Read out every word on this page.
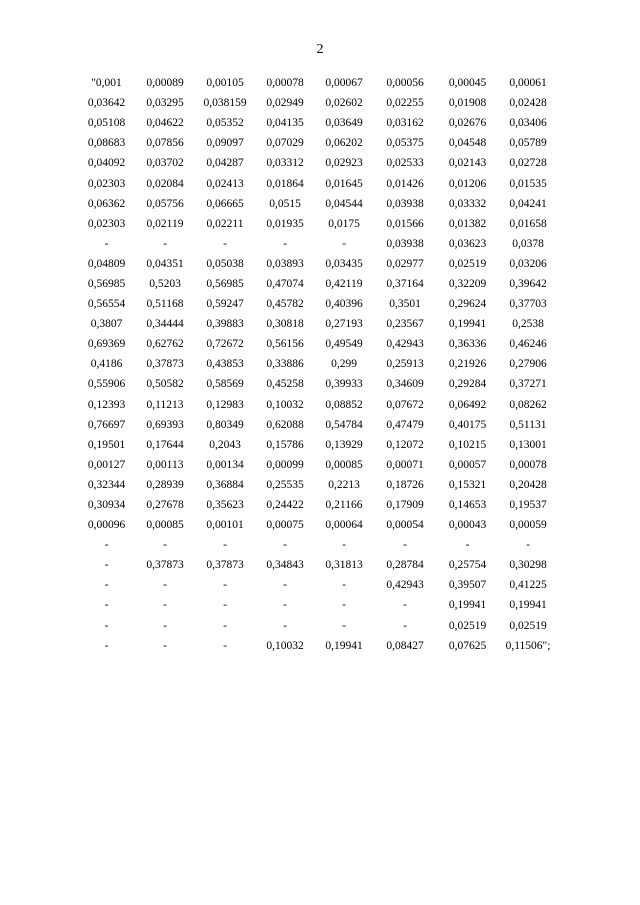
2
"0,001	0,00089	0,00105	0,00078	0,00067	0,00056	0,00045	0,00061
0,03642	0,03295	0,038159	0,02949	0,02602	0,02255	0,01908	0,02428
0,05108	0,04622	0,05352	0,04135	0,03649	0,03162	0,02676	0,03406
0,08683	0,07856	0,09097	0,07029	0,06202	0,05375	0,04548	0,05789
0,04092	0,03702	0,04287	0,03312	0,02923	0,02533	0,02143	0,02728
0,02303	0,02084	0,02413	0,01864	0,01645	0,01426	0,01206	0,01535
0,06362	0,05756	0,06665	0,0515	0,04544	0,03938	0,03332	0,04241
0,02303	0,02119	0,02211	0,01935	0,0175	0,01566	0,01382	0,01658
-	-	-	-	-	0,03938	0,03623	0,0378
0,04809	0,04351	0,05038	0,03893	0,03435	0,02977	0,02519	0,03206
0,56985	0,5203	0,56985	0,47074	0,42119	0,37164	0,32209	0,39642
0,56554	0,51168	0,59247	0,45782	0,40396	0,3501	0,29624	0,37703
0,3807	0,34444	0,39883	0,30818	0,27193	0,23567	0,19941	0,2538
0,69369	0,62762	0,72672	0,56156	0,49549	0,42943	0,36336	0,46246
0,4186	0,37873	0,43853	0,33886	0,299	0,25913	0,21926	0,27906
0,55906	0,50582	0,58569	0,45258	0,39933	0,34609	0,29284	0,37271
0,12393	0,11213	0,12983	0,10032	0,08852	0,07672	0,06492	0,08262
0,76697	0,69393	0,80349	0,62088	0,54784	0,47479	0,40175	0,51131
0,19501	0,17644	0,2043	0,15786	0,13929	0,12072	0,10215	0,13001
0,00127	0,00113	0,00134	0,00099	0,00085	0,00071	0,00057	0,00078
0,32344	0,28939	0,36884	0,25535	0,2213	0,18726	0,15321	0,20428
0,30934	0,27678	0,35623	0,24422	0,21166	0,17909	0,14653	0,19537
0,00096	0,00085	0,00101	0,00075	0,00064	0,00054	0,00043	0,00059
-	-	-	-	-	-	-	-
-	0,37873	0,37873	0,34843	0,31813	0,28784	0,25754	0,30298
-	-	-	-	-	0,42943	0,39507	0,41225
-	-	-	-	-	-	0,19941	0,19941
-	-	-	-	-	-	0,02519	0,02519
-	-	-	0,10032	0,19941	0,08427	0,07625	0,11506";
